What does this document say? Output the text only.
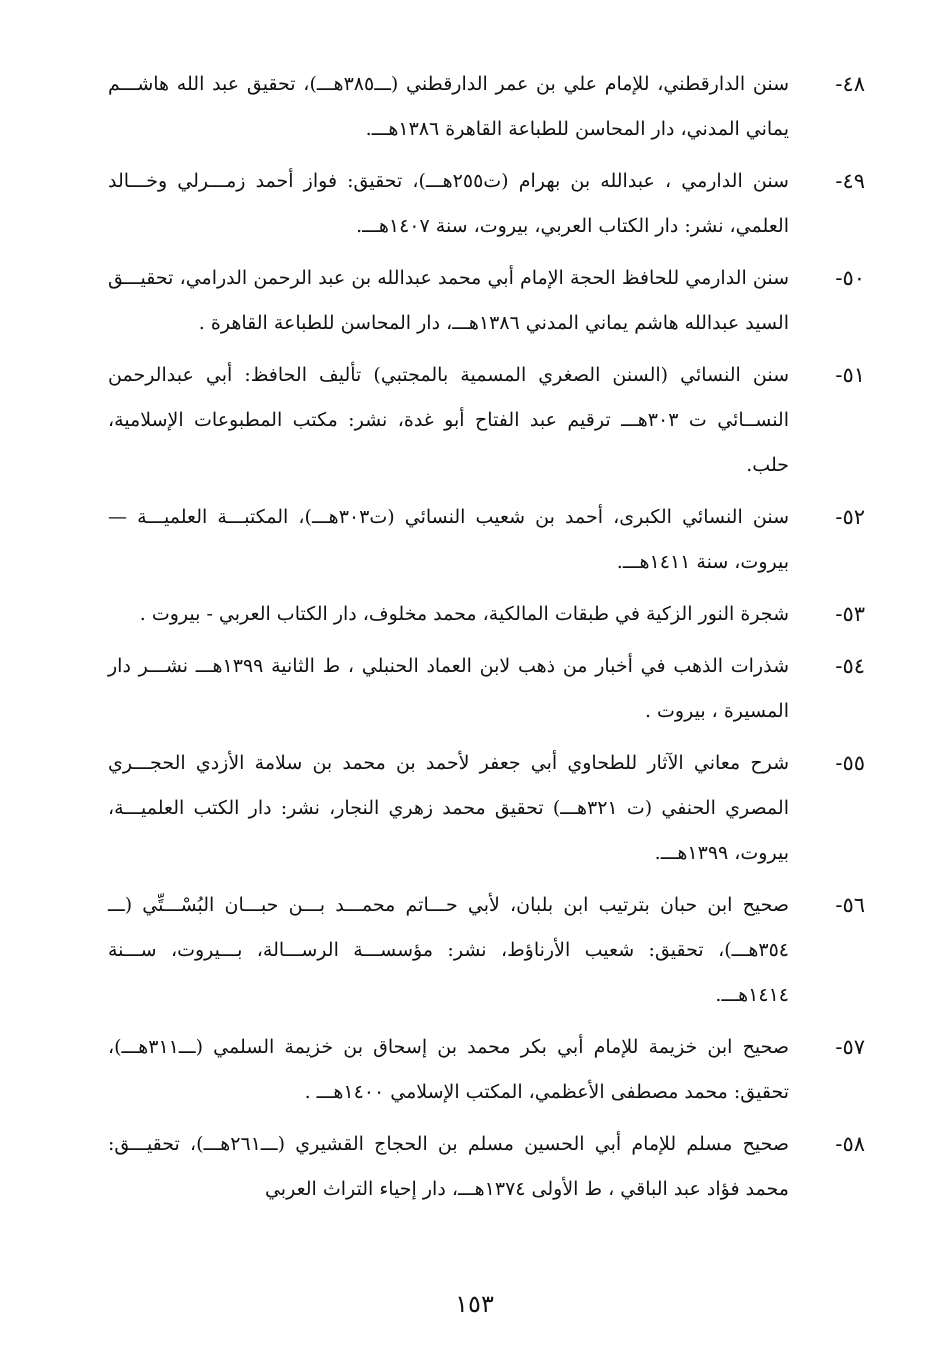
٤٨-
سنن الدارقطني، للإمام علي بن عمر الدارقطني (ـــ٣٨٥هـــ)، تحقيق عبد الله هاشـــم يماني المدني، دار المحاسن للطباعة القاهرة ١٣٨٦هـــ.
٤٩-
سنن الدارمي ، عبدالله بن بهرام (ت٢٥٥هـــ)، تحقيق: فواز أحمد زمـــرلي وخـــالد العلمي، نشر: دار الكتاب العربي، بيروت، سنة ١٤٠٧هـــ.
٥٠-
سنن الدارمي للحافظ الحجة الإمام أبي محمد عبدالله بن عبد الرحمن الدرامي، تحقيـــق السيد عبدالله هاشم يماني المدني ١٣٨٦هـــ، دار المحاسن للطباعة القاهرة .
٥١-
سنن النسائي (السنن الصغري المسمية بالمجتبي) تأليف الحافظ: أبي عبدالرحمن النســائي ت ٣٠٣هـــ ترقيم عبد الفتاح أبو غدة، نشر: مكتب المطبوعات الإسلامية، حلب.
٥٢-
سنن النسائي الكبرى، أحمد بن شعيب النسائي (ت٣٠٣هـــ)، المكتبـــة العلميـــة — بيروت، سنة ١٤١١هـــ.
٥٣-
شجرة النور الزكية في طبقات المالكية، محمد مخلوف، دار الكتاب العربي - بيروت .
٥٤-
شذرات الذهب في أخبار من ذهب لابن العماد الحنبلي ، ط الثانية ١٣٩٩هـــ نشـــر دار المسيرة ، بيروت .
٥٥-
شرح معاني الآثار للطحاوي أبي جعفر لأحمد بن محمد بن سلامة الأزدي الحجـــري المصري الحنفي (ت ٣٢١هـــ) تحقيق محمد زهري النجار، نشر: دار الكتب العلميـــة، بيروت، ١٣٩٩هـــ.
٥٦-
صحيح ابن حبان بترتيب ابن بلبان، لأبي حـــاتم محمـــد بـــن حبـــان البُسْـــتِّي (ـــ ٣٥٤هـــ)، تحقيق: شعيب الأرناؤط، نشر: مؤسســـة الرســـالة، بـــيروت، ســـنة ١٤١٤هـــ.
٥٧-
صحيح ابن خزيمة للإمام أبي بكر محمد بن إسحاق بن خزيمة السلمي (ـــ٣١١هـــ)، تحقيق: محمد مصطفى الأعظمي، المكتب الإسلامي ١٤٠٠هـــ .
٥٨-
صحيح مسلم للإمام أبي الحسين مسلم بن الحجاج القشيري (ـــ٢٦١هـــ)، تحقيـــق: محمد فؤاد عبد الباقي ، ط الأولى ١٣٧٤هـــ، دار إحياء التراث العربي
١٥٣
